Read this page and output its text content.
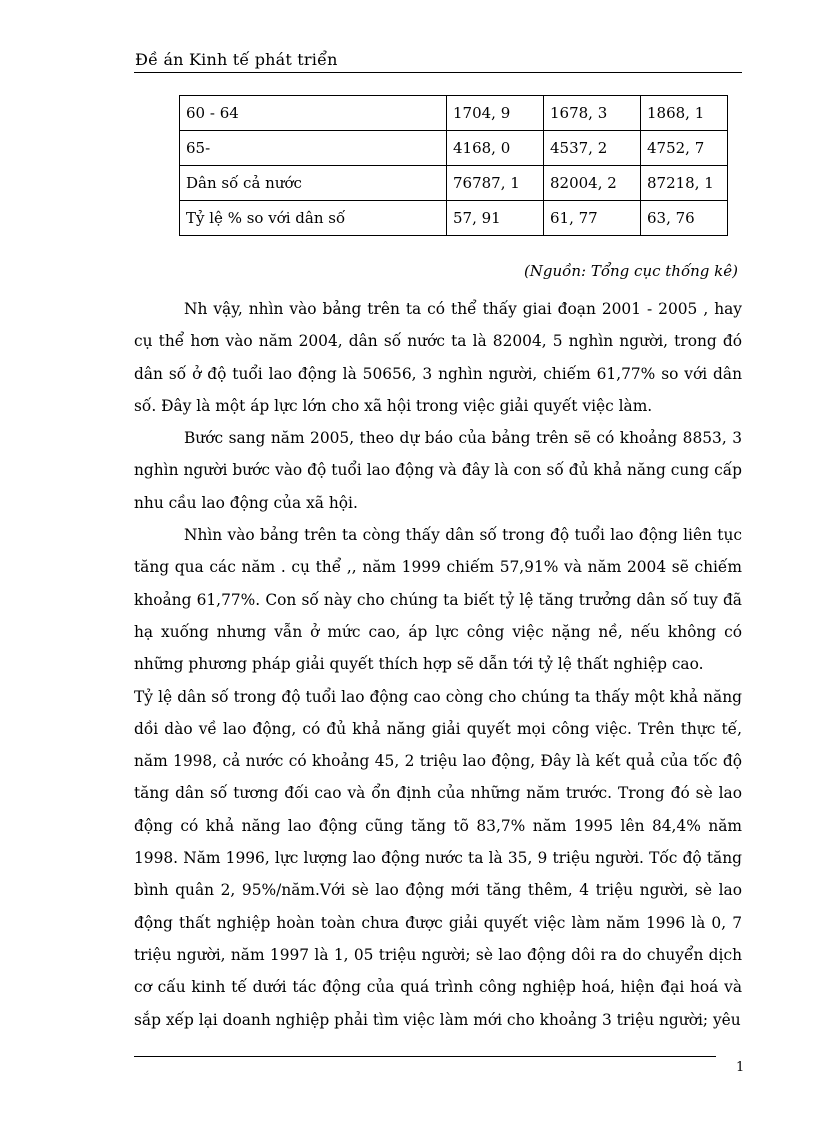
Đề án Kinh tế phát triển
60 - 64	1704, 9	1678, 3	1868, 1
65-	4168, 0	4537, 2	4752, 7
Dân số cả nước	76787, 1	82004, 2	87218, 1
Tỷ lệ % so với dân số	57, 91	61, 77	63, 76
(Nguồn: Tổng cục thống kê)

Nh vậy, nhìn vào bảng trên ta có thể thấy giai đoạn 2001 - 2005 , hay cụ thể hơn vào năm 2004, dân số nước ta là 82004, 5 nghìn người, trong đó dân số ở độ tuổi lao động là 50656, 3 nghìn người, chiếm 61,77% so với dân số. Đây là một áp lực lớn cho xã hội trong việc giải quyết việc làm.

Bước sang năm 2005, theo dự báo của bảng trên sẽ có khoảng 8853, 3 nghìn người bước vào độ tuổi lao động và đây là con số đủ khả năng cung cấp nhu cầu lao động của xã hội.

Nhìn vào bảng trên ta còng thấy dân số trong độ tuổi lao động liên tục tăng qua các năm . cụ thể ,, năm 1999 chiếm 57,91% và năm 2004 sẽ chiếm khoảng 61,77%. Con số này cho chúng ta biết tỷ lệ tăng trưởng dân số tuy đã hạ xuống nhưng vẫn ở mức cao, áp lực công việc nặng nề, nếu không có những phương pháp giải quyết thích hợp sẽ dẫn tới tỷ lệ thất nghiệp cao.

Tỷ lệ dân số trong độ tuổi lao động cao còng cho chúng ta thấy một khả năng dồi dào về lao động, có đủ khả năng giải quyết mọi công việc. Trên thực tế, năm 1998, cả nước có khoảng 45, 2 triệu lao động, Đây là kết quả của tốc độ tăng dân số tương đối cao và ổn định của những năm trước. Trong đó sè lao động có khả năng lao động cũng tăng tõ 83,7% năm 1995 lên 84,4% năm 1998. Năm 1996, lực lượng lao động nước ta là 35, 9 triệu người. Tốc độ tăng bình quân 2, 95%/năm.Với sè lao động mới tăng thêm, 4 triệu người, sè lao động thất nghiệp hoàn toàn chưa được giải quyết việc làm năm 1996 là 0, 7 triệu người, năm 1997 là 1, 05 triệu người; sè lao động dôi ra do chuyển dịch cơ cấu kinh tế dưới tác động của quá trình công nghiệp hoá, hiện đại hoá và sắp xếp lại doanh nghiệp phải tìm việc làm mới cho khoảng 3 triệu người; yêu

1
